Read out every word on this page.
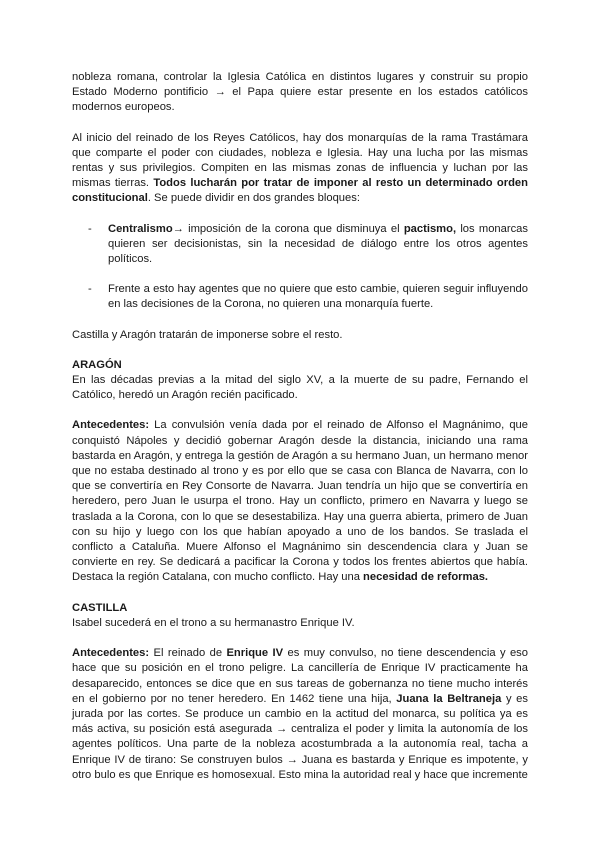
nobleza romana, controlar la Iglesia Católica en distintos lugares y construir su propio Estado Moderno pontificio → el Papa quiere estar presente en los estados católicos modernos europeos.

Al inicio del reinado de los Reyes Católicos, hay dos monarquías de la rama Trastámara que comparte el poder con ciudades, nobleza e Iglesia. Hay una lucha por las mismas rentas y sus privilegios. Compiten en las mismas zonas de influencia y luchan por las mismas tierras. Todos lucharán por tratar de imponer al resto un determinado orden constitucional. Se puede dividir en dos grandes bloques:

- Centralismo→ imposición de la corona que disminuya el pactismo, los monarcas quieren ser decisionistas, sin la necesidad de diálogo entre los otros agentes políticos.
- Frente a esto hay agentes que no quiere que esto cambie, quieren seguir influyendo en las decisiones de la Corona, no quieren una monarquía fuerte.

Castilla y Aragón tratarán de imponerse sobre el resto.

ARAGÓN

En las décadas previas a la mitad del siglo XV, a la muerte de su padre, Fernando el Católico, heredó un Aragón recién pacificado.

Antecedentes: La convulsión venía dada por el reinado de Alfonso el Magnánimo, que conquistó Nápoles y decidió gobernar Aragón desde la distancia, iniciando una rama bastarda en Aragón, y entrega la gestión de Aragón a su hermano Juan, un hermano menor que no estaba destinado al trono y es por ello que se casa con Blanca de Navarra, con lo que se convertiría en Rey Consorte de Navarra. Juan tendría un hijo que se convertiría en heredero, pero Juan le usurpa el trono. Hay un conflicto, primero en Navarra y luego se traslada a la Corona, con lo que se desestabiliza. Hay una guerra abierta, primero de Juan con su hijo y luego con los que habían apoyado a uno de los bandos. Se traslada el conflicto a Cataluña. Muere Alfonso el Magnánimo sin descendencia clara y Juan se convierte en rey. Se dedicará a pacificar la Corona y todos los frentes abiertos que había. Destaca la región Catalana, con mucho conflicto. Hay una necesidad de reformas.

CASTILLA

Isabel sucederá en el trono a su hermanastro Enrique IV.

Antecedentes: El reinado de Enrique IV es muy convulso, no tiene descendencia y eso hace que su posición en el trono peligre. La cancillería de Enrique IV practicamente ha desaparecido, entonces se dice que en sus tareas de gobernanza no tiene mucho interés en el gobierno por no tener heredero. En 1462 tiene una hija, Juana la Beltraneja y es jurada por las cortes. Se produce un cambio en la actitud del monarca, su política ya es más activa, su posición está asegurada → centraliza el poder y limita la autonomía de los agentes políticos. Una parte de la nobleza acostumbrada a la autonomía real, tacha a Enrique IV de tirano: Se construyen bulos → Juana es bastarda y Enrique es impotente, y otro bulo es que Enrique es homosexual. Esto mina la autoridad real y hace que incremente
